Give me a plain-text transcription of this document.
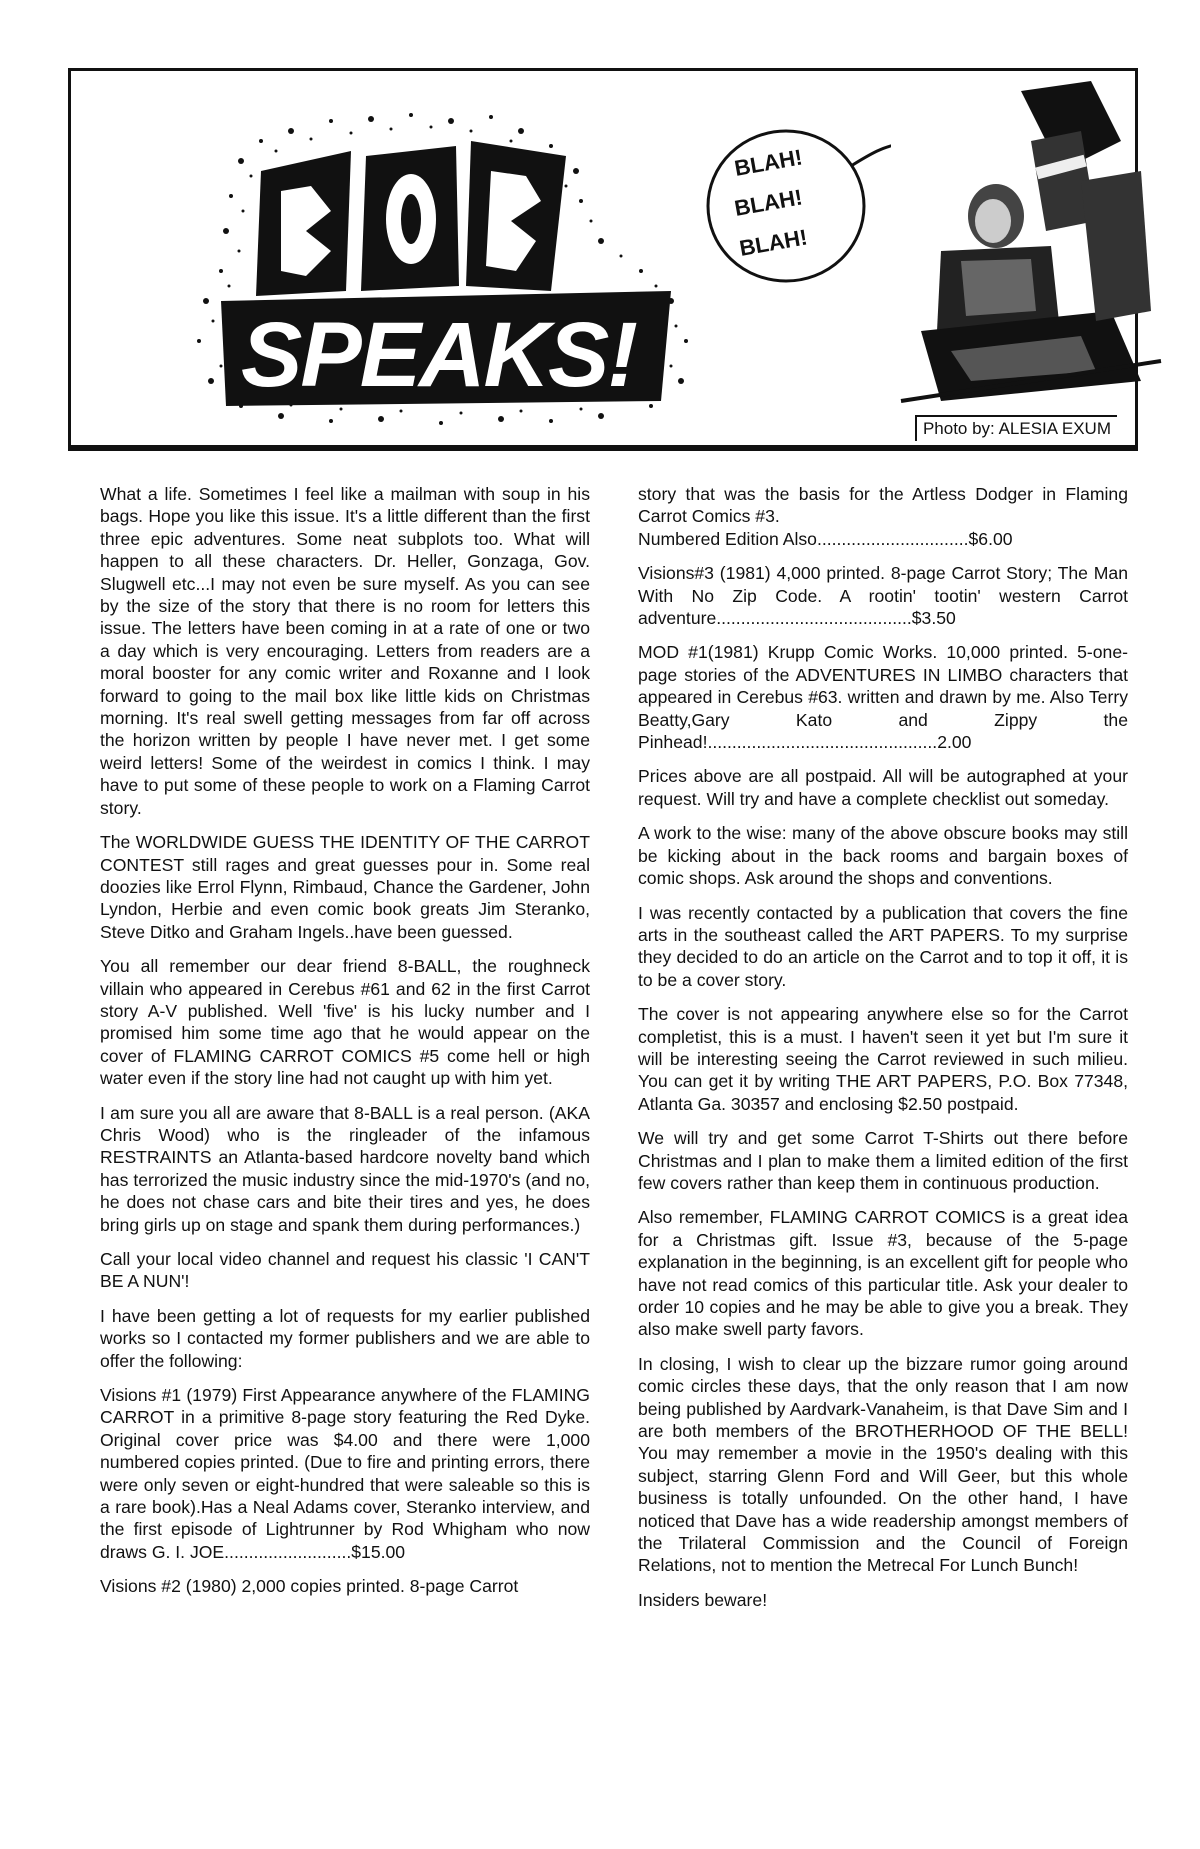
BOB SPEAKS!
BLAH!
BLAH!
BLAH!
Photo by: ALESIA EXUM

What a life. Sometimes I feel like a mailman with soup in his bags. Hope you like this issue. It's a little different than the first three epic adventures. Some neat subplots too. What will happen to all these characters. Dr. Heller, Gonzaga, Gov. Slugwell etc...I may not even be sure myself. As you can see by the size of the story that there is no room for letters this issue. The letters have been coming in at a rate of one or two a day which is very encouraging. Letters from readers are a moral booster for any comic writer and Roxanne and I look forward to going to the mail box like little kids on Christmas morning. It's real swell getting messages from far off across the horizon written by people I have never met. I get some weird letters! Some of the weirdest in comics I think. I may have to put some of these people to work on a Flaming Carrot story.

The WORLDWIDE GUESS THE IDENTITY OF THE CARROT CONTEST still rages and great guesses pour in. Some real doozies like Errol Flynn, Rimbaud, Chance the Gardener, John Lyndon, Herbie and even comic book greats Jim Steranko, Steve Ditko and Graham Ingels..have been guessed.

You all remember our dear friend 8-BALL, the roughneck villain who appeared in Cerebus #61 and 62 in the first Carrot story A-V published. Well 'five' is his lucky number and I promised him some time ago that he would appear on the cover of FLAMING CARROT COMICS #5 come hell or high water even if the story line had not caught up with him yet.

I am sure you all are aware that 8-BALL is a real person. (AKA Chris Wood) who is the ringleader of the infamous RESTRAINTS an Atlanta-based hardcore novelty band which has terrorized the music industry since the mid-1970's (and no, he does not chase cars and bite their tires and yes, he does bring girls up on stage and spank them during performances.)

Call your local video channel and request his classic 'I CAN'T BE A NUN'!

I have been getting a lot of requests for my earlier published works so I contacted my former publishers and we are able to offer the following:

Visions #1 (1979) First Appearance anywhere of the FLAMING CARROT in a primitive 8-page story featuring the Red Dyke. Original cover price was $4.00 and there were 1,000 numbered copies printed. (Due to fire and printing errors, there were only seven or eight-hundred that were saleable so this is a rare book).Has a Neal Adams cover, Steranko interview, and the first episode of Lightrunner by Rod Whigham who now draws G. I. JOE..........................$15.00

Visions #2 (1980) 2,000 copies printed. 8-page Carrot

story that was the basis for the Artless Dodger in Flaming Carrot Comics #3.
Numbered Edition Also...............................$6.00

Visions#3 (1981) 4,000 printed. 8-page Carrot Story; The Man With No Zip Code. A rootin' tootin' western Carrot adventure........................................$3.50

MOD #1(1981) Krupp Comic Works. 10,000 printed. 5-one-page stories of the ADVENTURES IN LIMBO characters that appeared in Cerebus #63. written and drawn by me. Also Terry Beatty,Gary Kato and Zippy the Pinhead!...............................................2.00

Prices above are all postpaid. All will be autographed at your request. Will try and have a complete checklist out someday.

A work to the wise: many of the above obscure books may still be kicking about in the back rooms and bargain boxes of comic shops. Ask around the shops and conventions.

I was recently contacted by a publication that covers the fine arts in the southeast called the ART PAPERS. To my surprise they decided to do an article on the Carrot and to top it off, it is to be a cover story.

The cover is not appearing anywhere else so for the Carrot completist, this is a must. I haven't seen it yet but I'm sure it will be interesting seeing the Carrot reviewed in such milieu. You can get it by writing THE ART PAPERS, P.O. Box 77348, Atlanta Ga. 30357 and enclosing $2.50 postpaid.

We will try and get some Carrot T-Shirts out there before Christmas and I plan to make them a limited edition of the first few covers rather than keep them in continuous production.

Also remember, FLAMING CARROT COMICS is a great idea for a Christmas gift. Issue #3, because of the 5-page explanation in the beginning, is an excellent gift for people who have not read comics of this particular title. Ask your dealer to order 10 copies and he may be able to give you a break. They also make swell party favors.

In closing, I wish to clear up the bizzare rumor going around comic circles these days, that the only reason that I am now being published by Aardvark-Vanaheim, is that Dave Sim and I are both members of the BROTHERHOOD OF THE BELL! You may remember a movie in the 1950's dealing with this subject, starring Glenn Ford and Will Geer, but this whole business is totally unfounded. On the other hand, I have noticed that Dave has a wide readership amongst members of the Trilateral Commission and the Council of Foreign Relations, not to mention the Metrecal For Lunch Bunch!

Insiders beware!
